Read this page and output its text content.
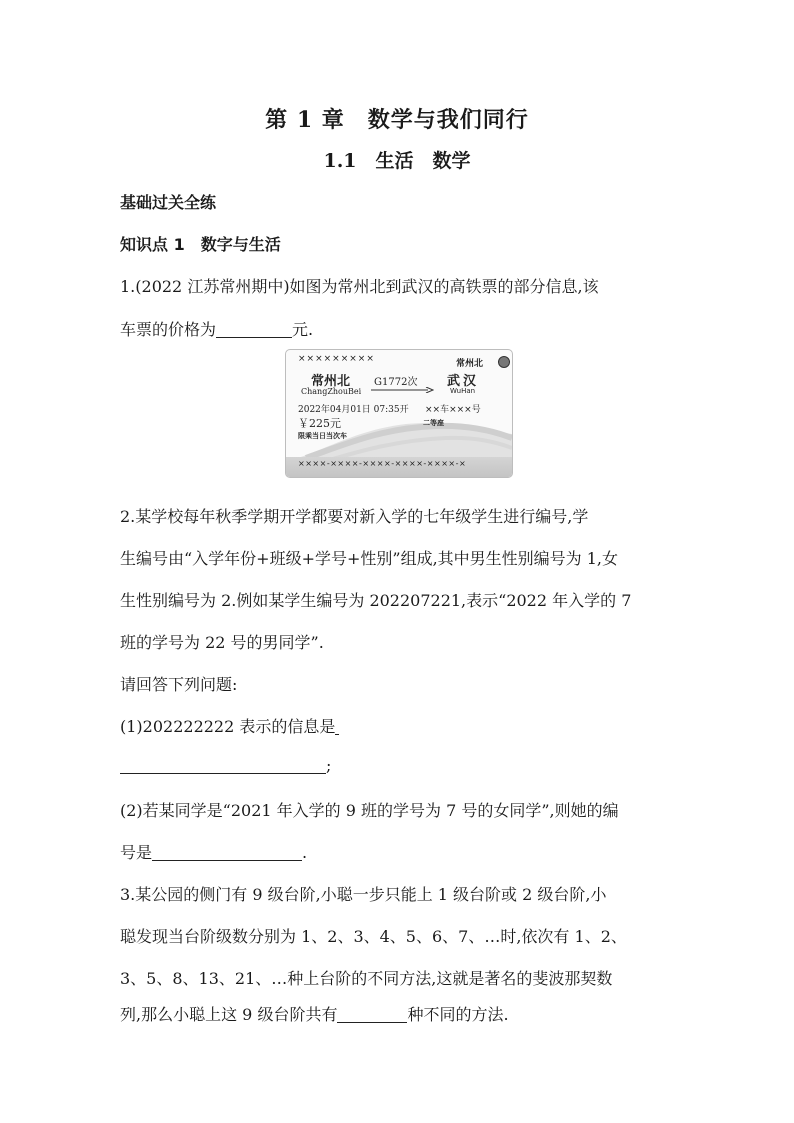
第 1 章　数学与我们同行
1.1　生活　数学
基础过关全练
知识点 1　数字与生活
1.(2022 江苏常州期中)如图为常州北到武汉的高铁票的部分信息,该
车票的价格为	元.
×××××××××	常州北
常州北
ChangZhouBei
G1772次 武汉
WuHan
2022年04月01日 07:35开 ××车×××号
￥225元	二等座
限乘当日当次车
××××-××××-××××-××××-××××-×
2.某学校每年秋季学期开学都要对新入学的七年级学生进行编号,学
生编号由“入学年份+班级+学号+性别”组成,其中男生性别编号为 1,女
生性别编号为 2.例如某学生编号为 202207221,表示“2022 年入学的 7
班的学号为 22 号的男同学”.
请回答下列问题:
(1)202222222 表示的信息是
;
(2)若某同学是“2021 年入学的 9 班的学号为 7 号的女同学”,则她的编
号是	.
3.某公园的侧门有 9 级台阶,小聪一步只能上 1 级台阶或 2 级台阶,小
聪发现当台阶级数分别为 1、2、3、4、5、6、7、…时,依次有 1、2、
3、5、8、13、21、…种上台阶的不同方法,这就是著名的斐波那契数
列,那么小聪上这 9 级台阶共有	种不同的方法.
